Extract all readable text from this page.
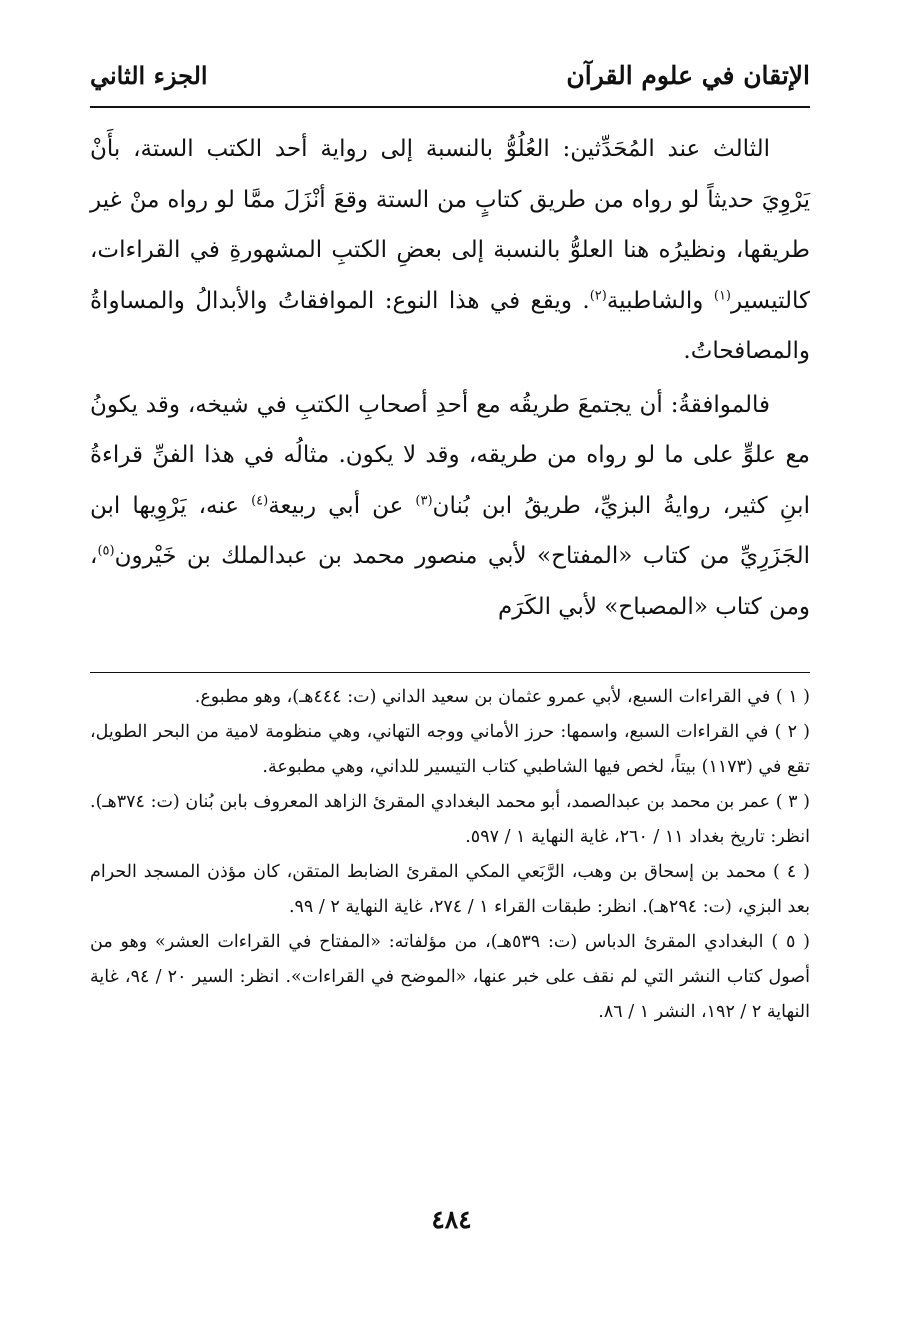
الإتقان في علوم القرآن
الجزء الثاني

الثالث عند المُحَدِّثين: العُلُوُّ بالنسبة إلى رواية أحد الكتب الستة، بأَنْ يَرْوِيَ حديثاً لو رواه من طريق كتابٍ من الستة وقعَ أنْزَلَ ممَّا لو رواه منْ غير طريقها، ونظيرُه هنا العلوُّ بالنسبة إلى بعضِ الكتبِ المشهورةِ في القراءات، كالتيسير$^{(١)}$ والشاطبية$^{(٢)}$. ويقع في هذا النوع: الموافقاتُ والأبدالُ والمساواةُ والمصافحاتُ.

فالموافقةُ: أن يجتمعَ طريقُه مع أحدِ أصحابِ الكتبِ في شيخه، وقد يكونُ مع علوٍّ على ما لو رواه من طريقه، وقد لا يكون. مثالُه في هذا الفنِّ قراءةُ ابنِ كثير، روايةُ البزيِّ، طريقُ ابن بُنان$^{(٣)}$ عن أبي ربيعة$^{(٤)}$ عنه، يَرْوِيها ابن الجَزَرِيِّ من كتاب «المفتاح» لأبي منصور محمد بن عبدالملك بن خَيْرون$^{(٥)}$، ومن كتاب «المصباح» لأبي الكَرَم

( ١ ) في القراءات السبع، لأبي عمرو عثمان بن سعيد الداني (ت: ٤٤٤هـ)، وهو مطبوع.
( ٢ ) في القراءات السبع، واسمها: حرز الأماني ووجه التهاني، وهي منظومة لامية من البحر الطويل، تقع في (١١٧٣) بيتاً، لخص فيها الشاطبي كتاب التيسير للداني، وهي مطبوعة.
( ٣ ) عمر بن محمد بن عبدالصمد، أبو محمد البغدادي المقرئ الزاهد المعروف بابن بُنان (ت: ٣٧٤هـ). انظر: تاريخ بغداد ١١ / ٢٦٠، غاية النهاية ١ / ٥٩٧.
( ٤ ) محمد بن إسحاق بن وهب، الرَّبَعي المكي المقرئ الضابط المتقن، كان مؤذن المسجد الحرام بعد البزي، (ت: ٢٩٤هـ). انظر: طبقات القراء ١ / ٢٧٤، غاية النهاية ٢ / ٩٩.
( ٥ ) البغدادي المقرئ الدباس (ت: ٥٣٩هـ)، من مؤلفاته: «المفتاح في القراءات العشر» وهو من أصول كتاب النشر التي لم نقف على خبر عنها، «الموضح في القراءات». انظر: السير ٢٠ / ٩٤، غاية النهاية ٢ / ١٩٢، النشر ١ / ٨٦.
٤٨٤
